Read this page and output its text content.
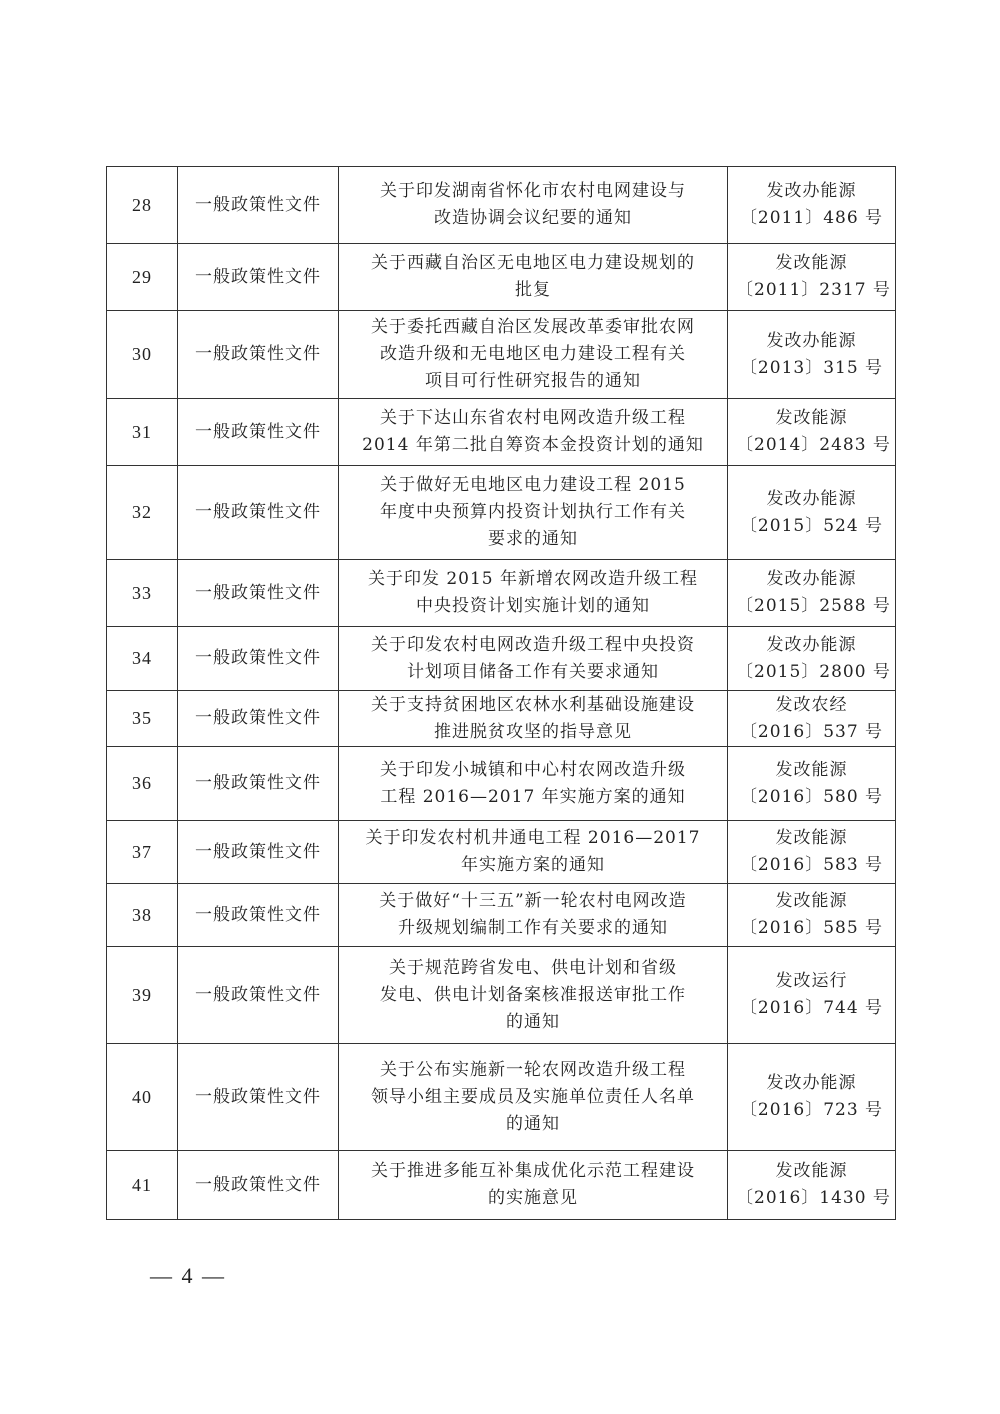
28	一般政策性文件	关于印发湖南省怀化市农村电网建设与
改造协调会议纪要的通知	发改办能源
〔2011〕486 号

29	一般政策性文件	关于西藏自治区无电地区电力建设规划的
批复	发改能源
〔2011〕2317 号

30	一般政策性文件	关于委托西藏自治区发展改革委审批农网
改造升级和无电地区电力建设工程有关
项目可行性研究报告的通知	发改办能源
〔2013〕315 号

31	一般政策性文件	关于下达山东省农村电网改造升级工程
2014 年第二批自筹资本金投资计划的通知	发改能源
〔2014〕2483 号

32	一般政策性文件	关于做好无电地区电力建设工程 2015
年度中央预算内投资计划执行工作有关
要求的通知	发改办能源
〔2015〕524 号

33	一般政策性文件	关于印发 2015 年新增农网改造升级工程
中央投资计划实施计划的通知	发改办能源
〔2015〕2588 号

34	一般政策性文件	关于印发农村电网改造升级工程中央投资
计划项目储备工作有关要求通知	发改办能源
〔2015〕2800 号

35	一般政策性文件	关于支持贫困地区农林水利基础设施建设
推进脱贫攻坚的指导意见	发改农经
〔2016〕537 号

36	一般政策性文件	关于印发小城镇和中心村农网改造升级
工程 2016—2017 年实施方案的通知	发改能源
〔2016〕580 号

37	一般政策性文件	关于印发农村机井通电工程 2016—2017
年实施方案的通知	发改能源
〔2016〕583 号

38	一般政策性文件	关于做好“十三五”新一轮农村电网改造
升级规划编制工作有关要求的通知	发改能源
〔2016〕585 号

39	一般政策性文件	关于规范跨省发电、供电计划和省级
发电、供电计划备案核准报送审批工作
的通知	发改运行
〔2016〕744 号

40	一般政策性文件	关于公布实施新一轮农网改造升级工程
领导小组主要成员及实施单位责任人名单
的通知	发改办能源
〔2016〕723 号

41	一般政策性文件	关于推进多能互补集成优化示范工程建设
的实施意见	发改能源
〔2016〕1430 号
— 4 —
